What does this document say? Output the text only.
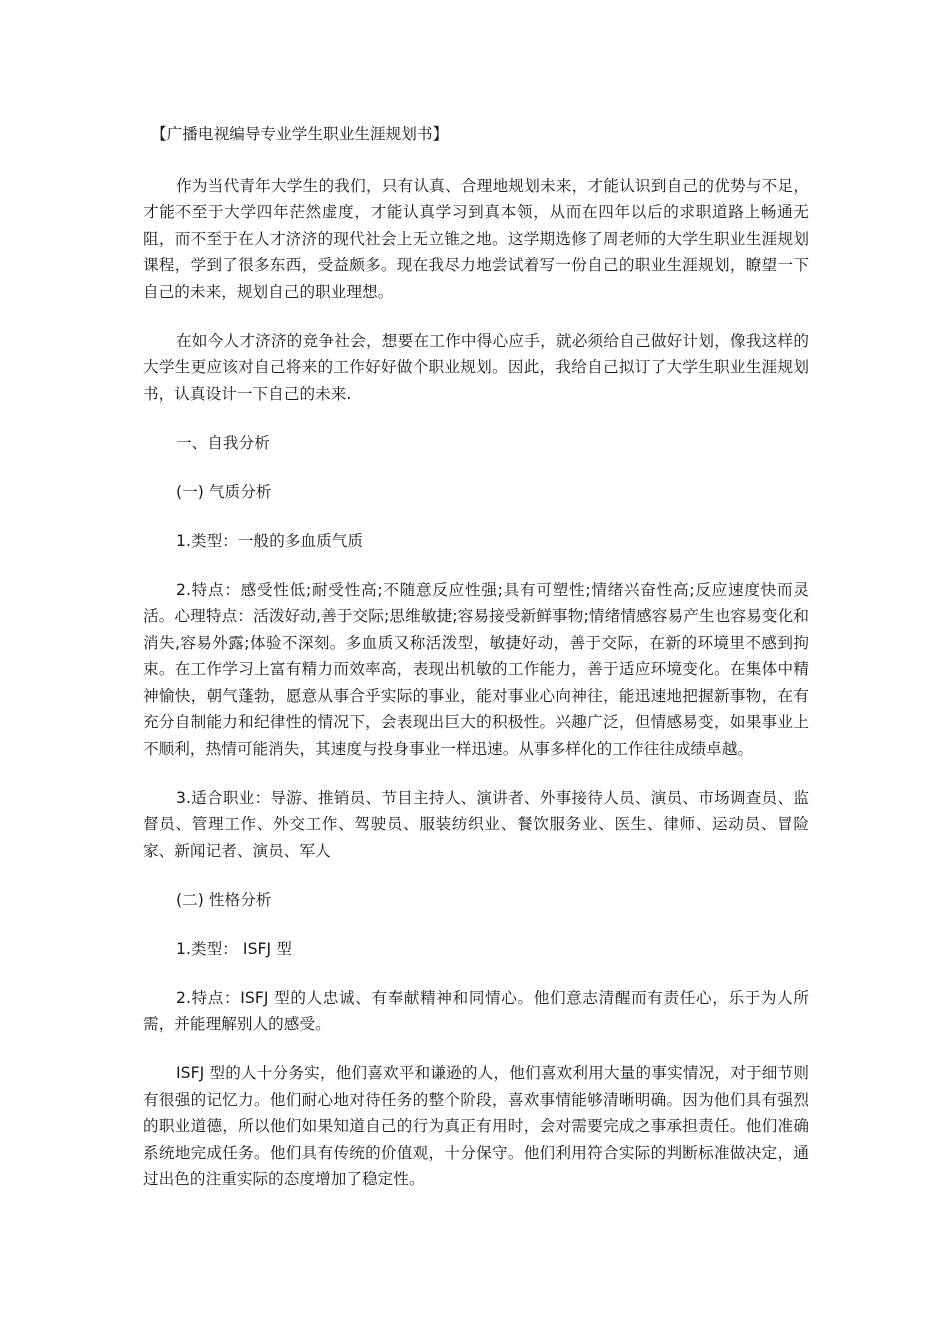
【广播电视编导专业学生职业生涯规划书】

作为当代青年大学生的我们，只有认真、合理地规划未来，才能认识到自己的优势与不足，才能不至于大学四年茫然虚度，才能认真学习到真本领，从而在四年以后的求职道路上畅通无阻，而不至于在人才济济的现代社会上无立锥之地。这学期选修了周老师的大学生职业生涯规划课程，学到了很多东西，受益颇多。现在我尽力地尝试着写一份自己的职业生涯规划，瞭望一下自己的未来，规划自己的职业理想。

在如今人才济济的竞争社会，想要在工作中得心应手，就必须给自己做好计划，像我这样的大学生更应该对自己将来的工作好好做个职业规划。因此，我给自己拟订了大学生职业生涯规划书，认真设计一下自己的未来.

一、自我分析

(一) 气质分析

1.类型：一般的多血质气质

2.特点：感受性低;耐受性高;不随意反应性强;具有可塑性;情绪兴奋性高;反应速度快而灵活。心理特点：活泼好动,善于交际;思维敏捷;容易接受新鲜事物;情绪情感容易产生也容易变化和消失,容易外露;体验不深刻。多血质又称活泼型，敏捷好动，善于交际，在新的环境里不感到拘束。在工作学习上富有精力而效率高，表现出机敏的工作能力，善于适应环境变化。在集体中精神愉快，朝气蓬勃，愿意从事合乎实际的事业，能对事业心向神往，能迅速地把握新事物，在有充分自制能力和纪律性的情况下，会表现出巨大的积极性。兴趣广泛，但情感易变，如果事业上不顺利，热情可能消失，其速度与投身事业一样迅速。从事多样化的工作往往成绩卓越。

3.适合职业：导游、推销员、节目主持人、演讲者、外事接待人员、演员、市场调查员、监督员、管理工作、外交工作、驾驶员、服装纺织业、餐饮服务业、医生、律师、运动员、冒险家、新闻记者、演员、军人

(二) 性格分析

1.类型： ISFJ 型

2.特点：ISFJ 型的人忠诚、有奉献精神和同情心。他们意志清醒而有责任心，乐于为人所需，并能理解别人的感受。

ISFJ 型的人十分务实，他们喜欢平和谦逊的人，他们喜欢利用大量的事实情况，对于细节则有很强的记忆力。他们耐心地对待任务的整个阶段，喜欢事情能够清晰明确。因为他们具有强烈的职业道德，所以他们如果知道自己的行为真正有用时，会对需要完成之事承担责任。他们准确系统地完成任务。他们具有传统的价值观，十分保守。他们利用符合实际的判断标准做决定，通过出色的注重实际的态度增加了稳定性。
